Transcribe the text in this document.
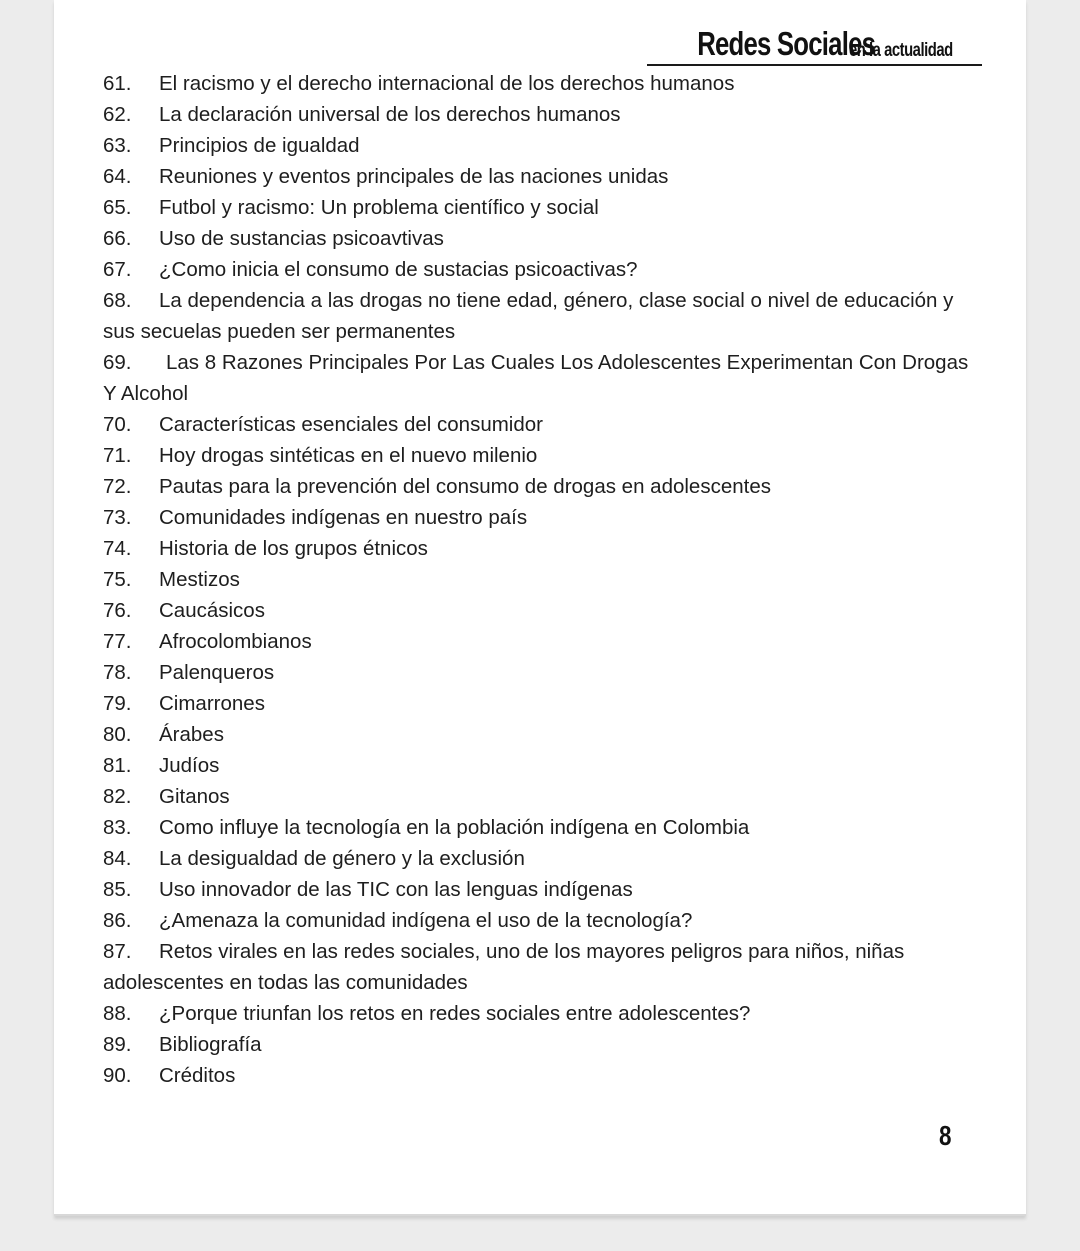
Redes Sociales
en la actualidad

61. El racismo y el derecho internacional de los derechos humanos

62. La declaración universal de los derechos humanos

63. Principios de igualdad

64. Reuniones y eventos principales de las naciones unidas

65. Futbol y racismo: Un problema científico y social

66. Uso de sustancias psicoavtivas

67. ¿Como inicia el consumo de sustacias psicoactivas?

68. La dependencia a las drogas no tiene edad, género, clase social o nivel de educación y sus secuelas pueden ser permanentes

69. Las 8 Razones Principales Por Las Cuales Los Adolescentes Experimentan Con Drogas Y Alcohol

70. Características esenciales del consumidor

71. Hoy drogas sintéticas en el nuevo milenio

72. Pautas para la prevención del consumo de drogas en adolescentes

73. Comunidades indígenas en nuestro país

74. Historia de los grupos étnicos

75. Mestizos

76. Caucásicos

77. Afrocolombianos

78. Palenqueros

79. Cimarrones

80. Árabes

81. Judíos

82. Gitanos

83. Como influye la tecnología en la población indígena en Colombia

84. La desigualdad de género y la exclusión

85. Uso innovador de las TIC con las lenguas indígenas

86. ¿Amenaza la comunidad indígena el uso de la tecnología?

87. Retos virales en las redes sociales, uno de los mayores peligros para niños, niñas adolescentes en todas las comunidades

88. ¿Porque triunfan los retos en redes sociales entre adolescentes?

89. Bibliografía

90. Créditos

8
